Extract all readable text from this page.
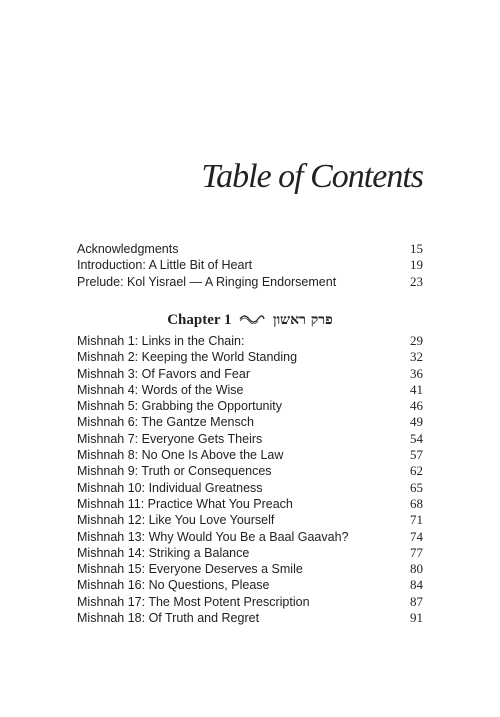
Table of Contents
Acknowledgments	15
Introduction: A Little Bit of Heart	19
Prelude: Kol Yisrael — A Ringing Endorsement	23
Chapter 1	פרק ראשון
Mishnah 1: Links in the Chain:	29
Mishnah 2: Keeping the World Standing	32
Mishnah 3: Of Favors and Fear	36
Mishnah 4: Words of the Wise	41
Mishnah 5: Grabbing the Opportunity	46
Mishnah 6: The Gantze Mensch	49
Mishnah 7: Everyone Gets Theirs	54
Mishnah 8: No One Is Above the Law	57
Mishnah 9: Truth or Consequences	62
Mishnah 10: Individual Greatness	65
Mishnah 11: Practice What You Preach	68
Mishnah 12: Like You Love Yourself	71
Mishnah 13: Why Would You Be a Baal Gaavah?	74
Mishnah 14: Striking a Balance	77
Mishnah 15: Everyone Deserves a Smile	80
Mishnah 16: No Questions, Please	84
Mishnah 17: The Most Potent Prescription	87
Mishnah 18: Of Truth and Regret	91
